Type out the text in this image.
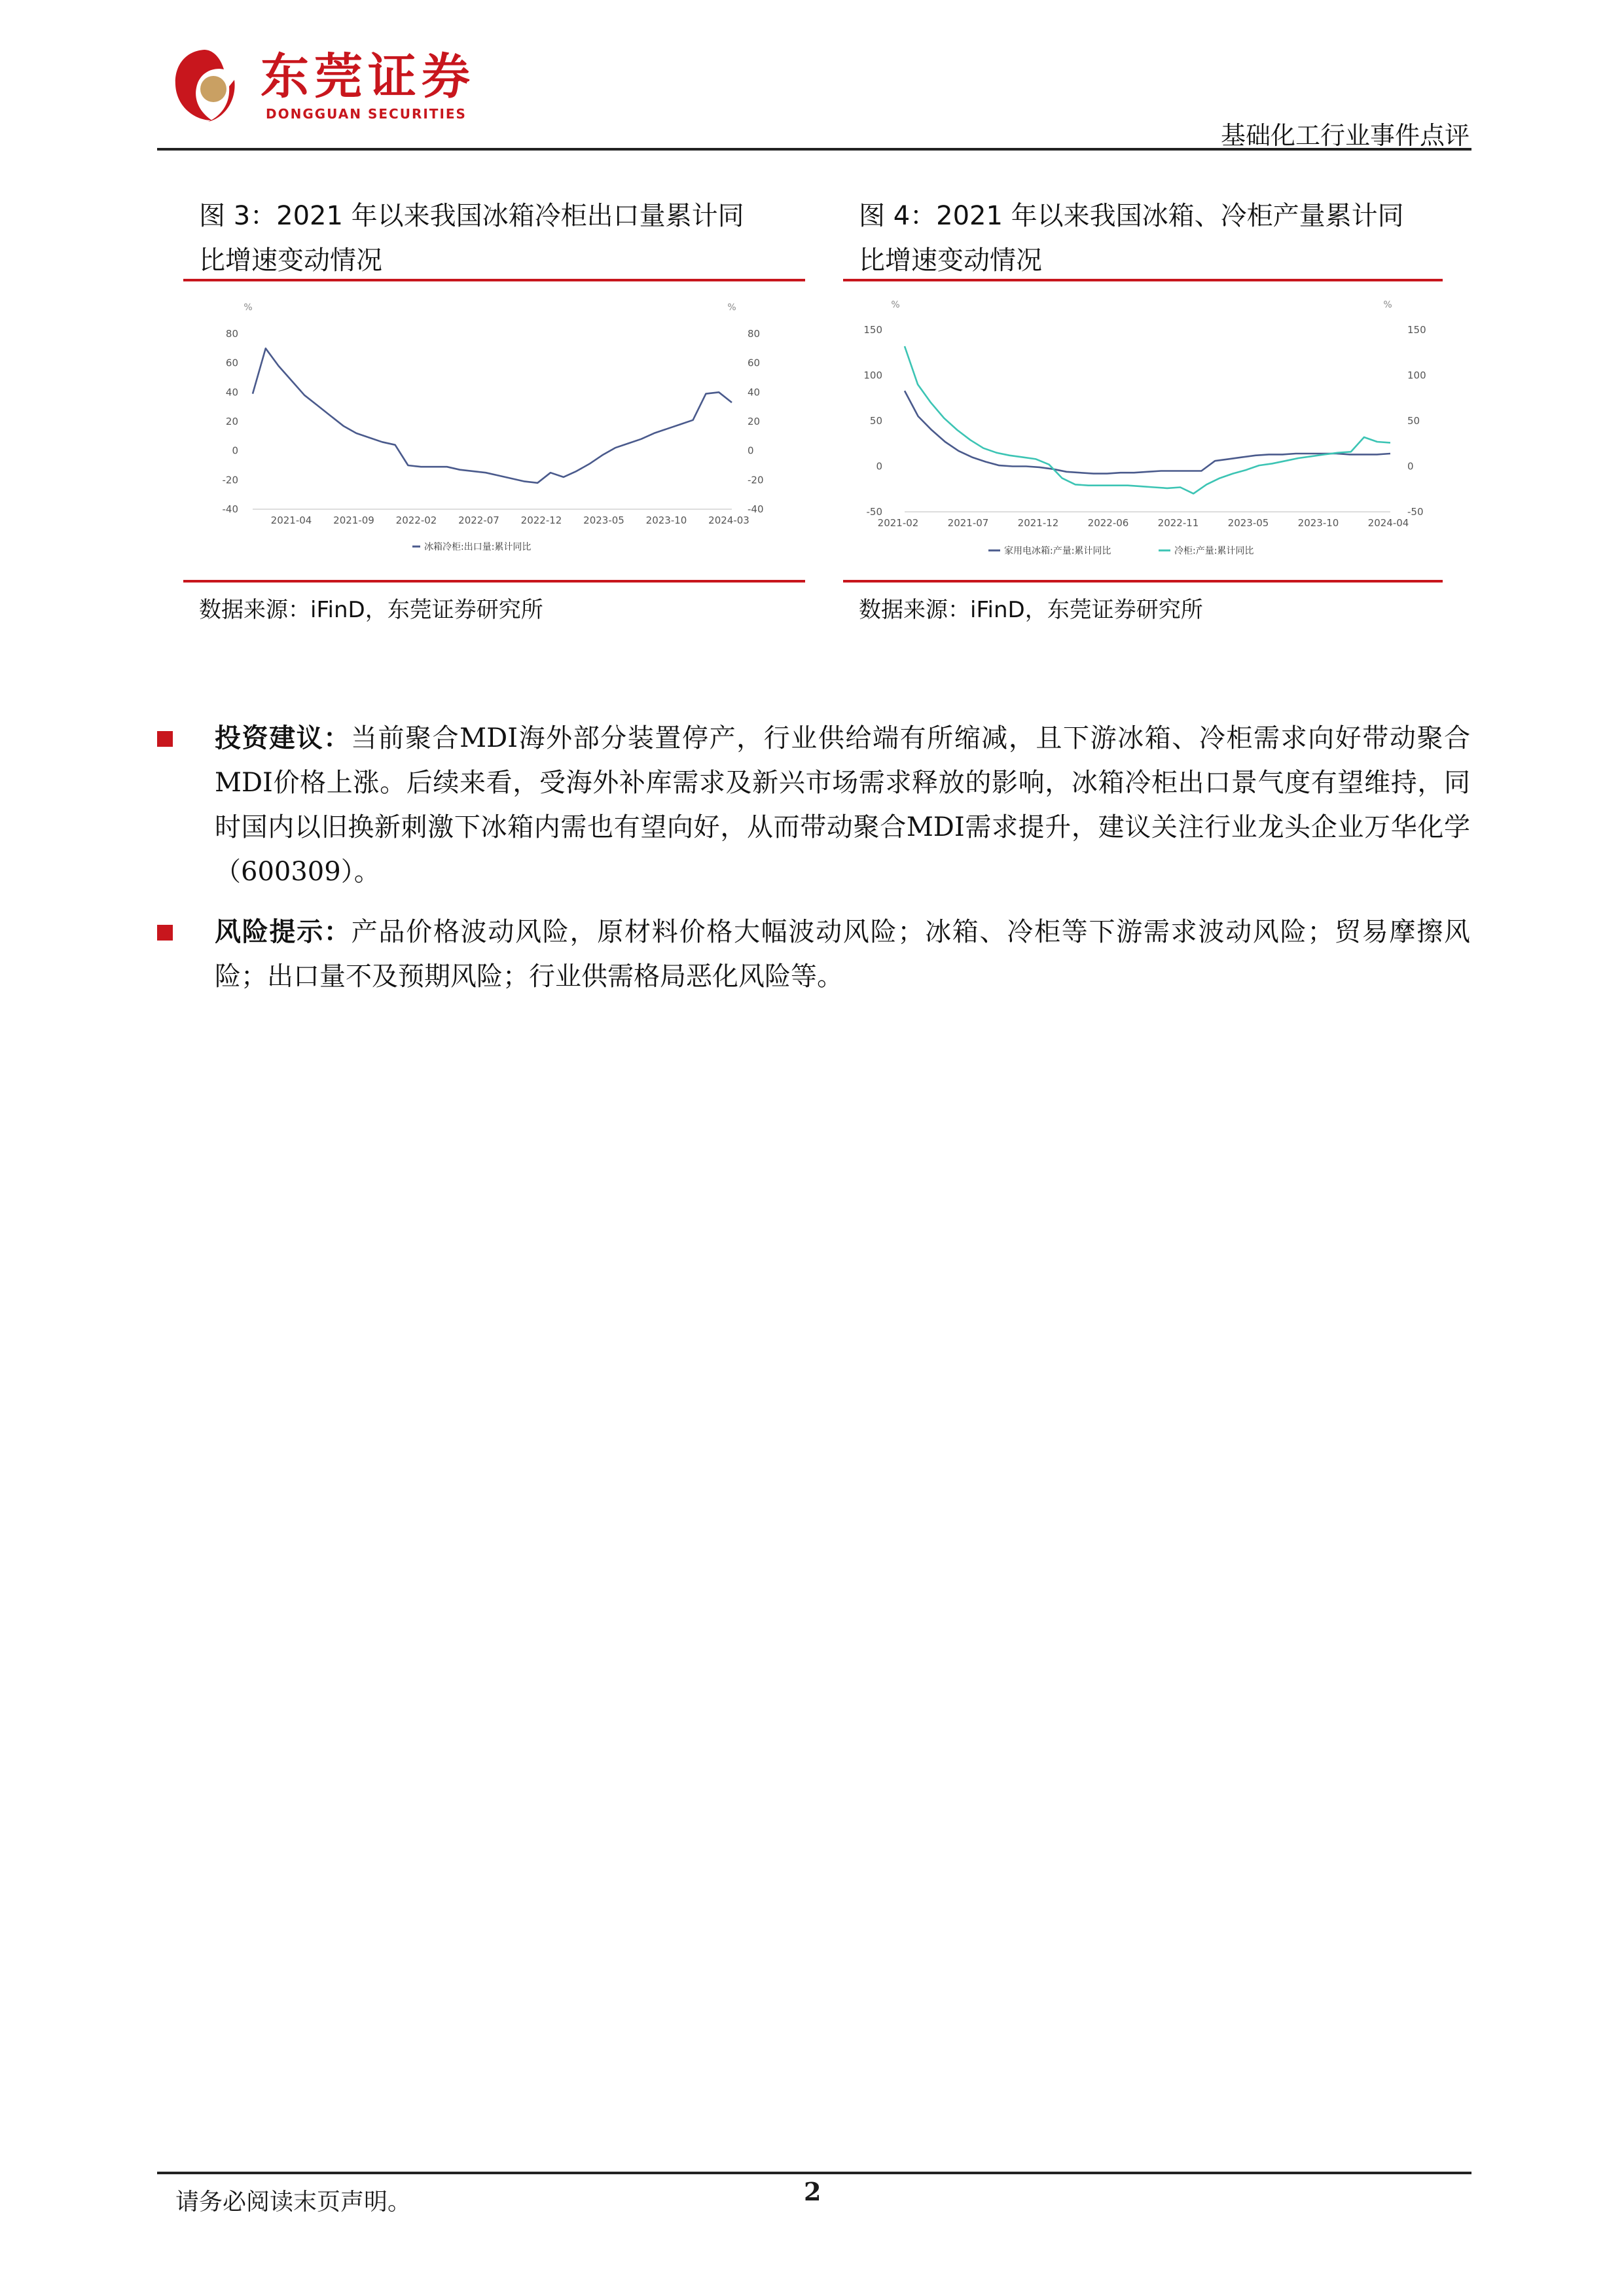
东莞证券
DONGGUAN SECURITIES
基础化工行业事件点评
图 3：2021 年以来我国冰箱冷柜出口量累计同
比增速变动情况
%	%
80
60
40
20
0
-20
-40
80
60
40
20
0
-20
-40
2021-04 2021-09 2022-02 2022-07 2022-12 2023-05 2023-10 2024-03
冰箱冷柜:出口量:累计同比
数据来源：iFinD，东莞证券研究所
图 4：2021 年以来我国冰箱、冷柜产量累计同
比增速变动情况
%	%
150
100
50
0
-50
150
100
50
0
-50
2021-02	2021-07	2021-12	2022-06	2022-11	2023-05	2023-10	2024-04
家用电冰箱:产量:累计同比	冷柜:产量:累计同比
数据来源：iFinD，东莞证券研究所
投资建议：当前聚合MDI海外部分装置停产，行业供给端有所缩减，且下游冰箱、冷柜需求向好带动聚合MDI价格上涨。后续来看，受海外补库需求及新兴市场需求释放的影响，冰箱冷柜出口景气度有望维持，同时国内以旧换新刺激下冰箱内需也有望向好，从而带动聚合MDI需求提升，建议关注行业龙头企业万华化学（600309）。
风险提示：产品价格波动风险，原材料价格大幅波动风险；冰箱、冷柜等下游需求波动风险；贸易摩擦风险；出口量不及预期风险；行业供需格局恶化风险等。
请务必阅读末页声明。	2
